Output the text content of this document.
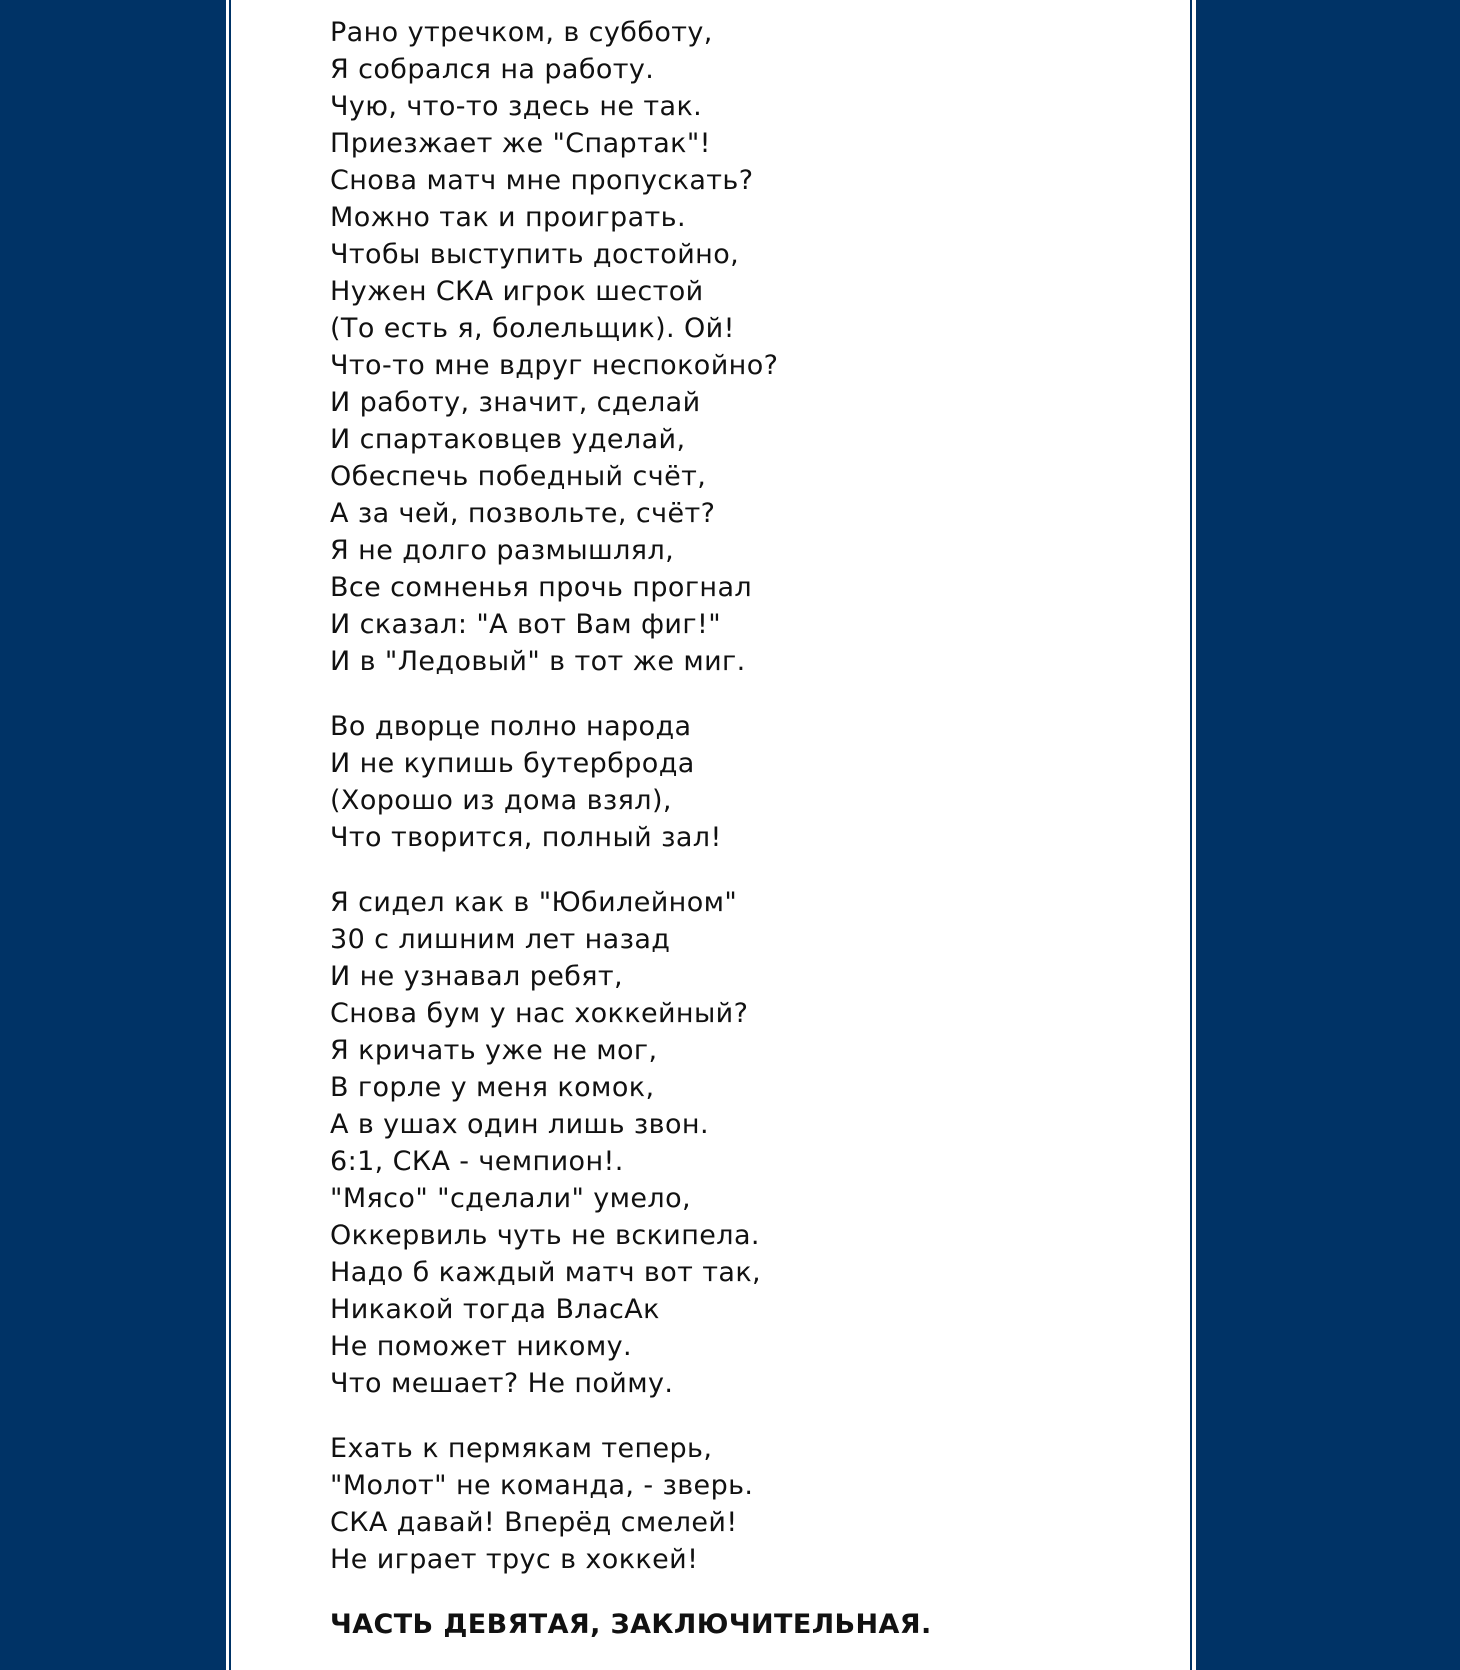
Рано утречком, в субботу,
Я собрался на работу.
Чую, что-то здесь не так.
Приезжает же "Спартак"!
Снова матч мне пропускать?
Можно так и проиграть.
Чтобы выступить достойно,
Нужен СКА игрок шестой
(То есть я, болельщик). Ой!
Что-то мне вдруг неспокойно?
И работу, значит, сделай
И спартаковцев уделай,
Обеспечь победный счёт,
А за чей, позвольте, счёт?
Я не долго размышлял,
Все сомненья прочь прогнал
И сказал: "А вот Вам фиг!"
И в "Ледовый" в тот же миг.
Во дворце полно народа
И не купишь бутерброда
(Хорошо из дома взял),
Что творится, полный зал!
Я сидел как в "Юбилейном"
30 с лишним лет назад
И не узнавал ребят,
Снова бум у нас хоккейный?
Я кричать уже не мог,
В горле у меня комок,
А в ушах один лишь звон.
6:1, СКА - чемпион!.
"Мясо" "сделали" умело,
Оккервиль чуть не вскипела.
Надо б каждый матч вот так,
Никакой тогда ВласАк
Не поможет никому.
Что мешает? Не пойму.
Ехать к пермякам теперь,
"Молот" не команда, - зверь.
СКА давай! Вперёд смелей!
Не играет трус в хоккей!
ЧАСТЬ ДЕВЯТАЯ, ЗАКЛЮЧИТЕЛЬНАЯ.
